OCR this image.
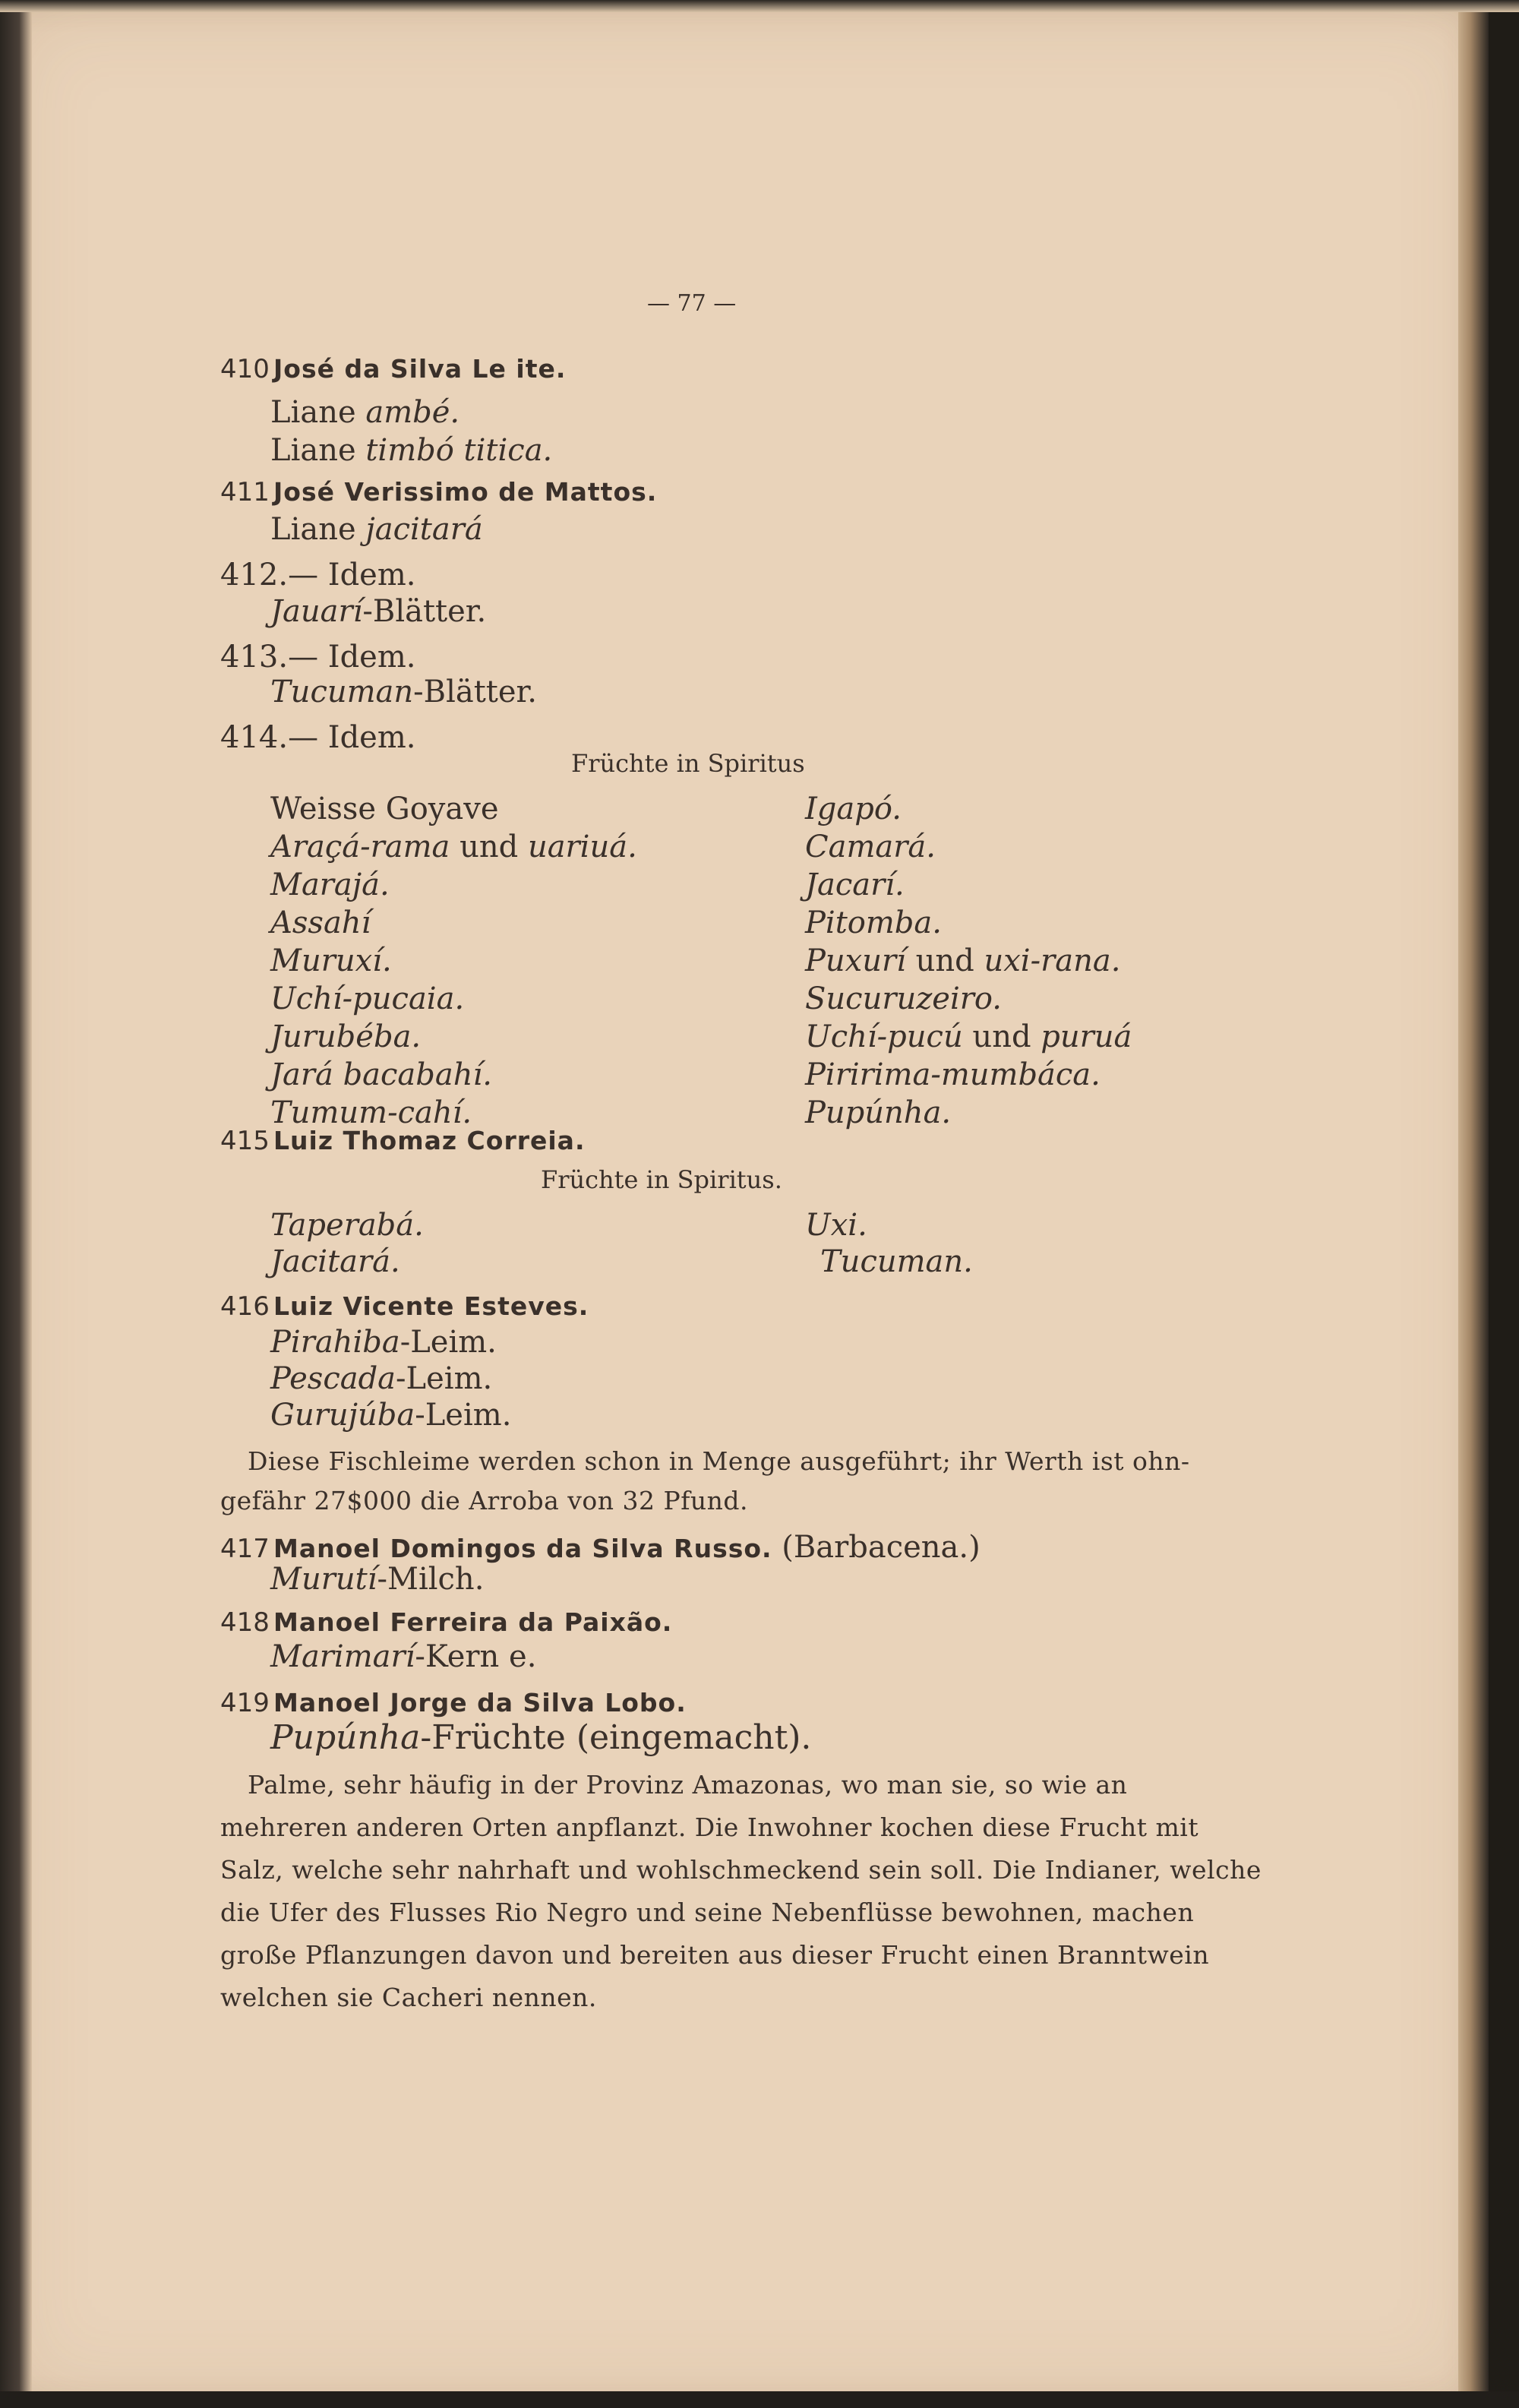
— 77 —
410 José da Silva Le ite.
Liane ambé.
Liane timbó titica.
411 José Verissimo de Mattos.
Liane jacitará
412.— Idem.
Jauarí-Blätter.
413.— Idem.
Tucuman-Blätter.
414.— Idem.
Früchte in Spiritus
Weisse Goyave
Araçá-rama und uariuá.
Marajá.
Assahí
Muruxí.
Uchí-pucaia.
Jurubéba.
Jará bacabahí.
Tumum-cahí.
Igapó.
Camará.
Jacarí.
Pitomba.
Puxurí und uxi-rana.
Sucuruzeiro.
Uchí-pucú und puruá
Piririma-mumbáca.
Pupúnha.
415 Luiz Thomaz Correia.
Früchte in Spiritus.
Taperabá.
Jacitará.
Uxi.
Tucuman.
416 Luiz Vicente Esteves.
Pirahiba-Leim.
Pescada-Leim.
Gurujúba-Leim.
Diese Fischleime werden schon in Menge ausgeführt; ihr Werth ist ohn-
gefähr 27$000 die Arroba von 32 Pfund.
417 Manoel Domingos da Silva Russo. (Barbacena.)
Murutí-Milch.
418 Manoel Ferreira da Paixão.
Marimarí-Kern e.
419 Manoel Jorge da Silva Lobo.
Pupúnha-Früchte (eingemacht).
Palme, sehr häufig in der Provinz Amazonas, wo man sie, so wie an
mehreren anderen Orten anpflanzt. Die Inwohner kochen diese Frucht mit
Salz, welche sehr nahrhaft und wohlschmeckend sein soll. Die Indianer, welche
die Ufer des Flusses Rio Negro und seine Nebenflüsse bewohnen, machen
große Pflanzungen davon und bereiten aus dieser Frucht einen Branntwein
welchen sie Cacheri nennen.
